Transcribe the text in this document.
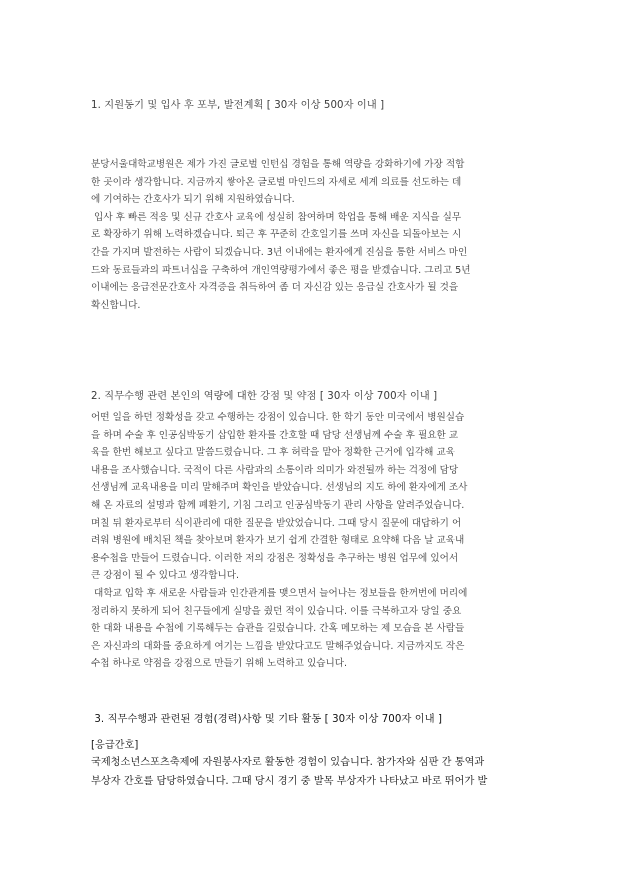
1. 지원동기 및 입사 후 포부, 발전계획 [ 30자 이상 500자 이내 ]
분당서울대학교병원은 제가 가진 글로벌 인턴십 경험을 통해 역량을 강화하기에 가장 적합
한 곳이라 생각합니다. 지금까지 쌓아온 글로벌 마인드의 자세로 세계 의료를 선도하는 데
에 기여하는 간호사가 되기 위해 지원하였습니다.
입사 후 빠른 적응 및 신규 간호사 교육에 성실히 참여하며 학업을 통해 배운 지식을 실무
로 확장하기 위해 노력하겠습니다. 퇴근 후 꾸준히 간호일기를 쓰며 자신을 되돌아보는 시
간을 가지며 발전하는 사람이 되겠습니다. 3년 이내에는 환자에게 진심을 통한 서비스 마인
드와 동료들과의 파트너십을 구축하여 개인역량평가에서 좋은 평을 받겠습니다. 그리고 5년
이내에는 응급전문간호사 자격증을 취득하여 좀 더 자신감 있는 응급실 간호사가 될 것을
확신합니다.
2. 직무수행 관련 본인의 역량에 대한 강점 및 약점 [ 30자 이상 700자 이내 ]
어떤 일을 하던 정확성을 갖고 수행하는 강점이 있습니다. 한 학기 동안 미국에서 병원실습
을 하며 수술 후 인공심박동기 삽입한 환자를 간호할 때 담당 선생님께 수술 후 필요한 교
육을 한번 해보고 싶다고 말씀드렸습니다. 그 후 허락을 맡아 정확한 근거에 입각해 교육
내용을 조사했습니다. 국적이 다른 사람과의 소통이라 의미가 와전될까 하는 걱정에 담당
선생님께 교육내용을 미리 말해주며 확인을 받았습니다. 선생님의 지도 하에 환자에게 조사
해 온 자료의 설명과 함께 폐환기, 기침 그리고 인공심박동기 관리 사항을 알려주었습니다.
며칠 뒤 환자로부터 식이관리에 대한 질문을 받았었습니다. 그때 당시 질문에 대답하기 어
려워 병원에 배치된 책을 찾아보며 환자가 보기 쉽게 간결한 형태로 요약해 다음 날 교육내
용수첩을 만들어 드렸습니다. 이러한 저의 강점은 정확성을 추구하는 병원 업무에 있어서
큰 강점이 될 수 있다고 생각합니다.
대학교 입학 후 새로운 사람들과 인간관계를 맺으면서 늘어나는 정보들을 한꺼번에 머리에
정리하지 못하게 되어 친구들에게 실망을 줬던 적이 있습니다. 이를 극복하고자 당일 중요
한 대화 내용을 수첩에 기록해두는 습관을 길렀습니다. 간혹 메모하는 제 모습을 본 사람들
은 자신과의 대화를 중요하게 여기는 느낌을 받았다고도 말해주었습니다. 지금까지도 작은
수첩 하나로 약점을 강점으로 만들기 위해 노력하고 있습니다.
3. 직무수행과 관련된 경험(경력)사항 및 기타 활동 [ 30자 이상 700자 이내 ]
[응급간호]
국제청소년스포츠축제에 자원봉사자로 활동한 경험이 있습니다. 참가자와 심판 간 통역과
부상자 간호를 담당하였습니다. 그때 당시 경기 중 발목 부상자가 나타났고 바로 뛰어가 발
